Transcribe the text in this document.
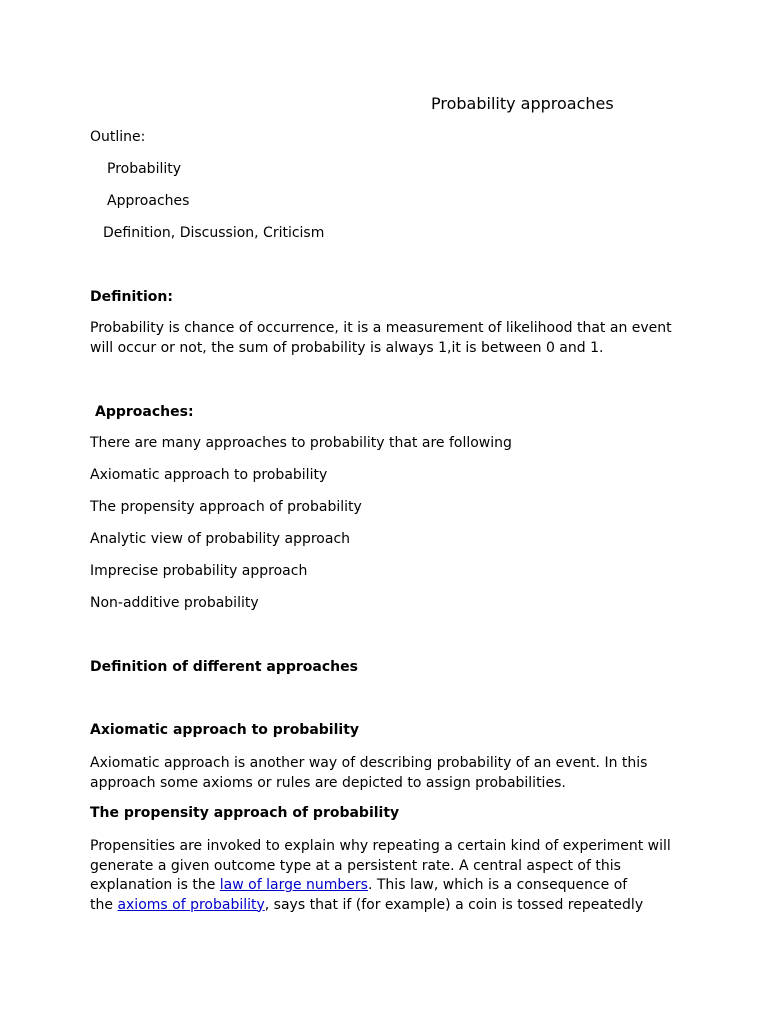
Probability approaches
Outline:
Probability
Approaches
Definition, Discussion, Criticism
Definition:
Probability is chance of occurrence, it is a measurement of likelihood that an event
will occur or not, the sum of probability is always 1,it is between 0 and 1.
Approaches:
There are many approaches to probability that are following
Axiomatic approach to probability
The propensity approach of probability
Analytic view of probability approach
Imprecise probability approach
Non-additive probability
Definition of different approaches
Axiomatic approach to probability
Axiomatic approach is another way of describing probability of an event. In this
approach some axioms or rules are depicted to assign probabilities.
The propensity approach of probability
Propensities are invoked to explain why repeating a certain kind of experiment will
generate a given outcome type at a persistent rate. A central aspect of this
explanation is the law of large numbers. This law, which is a consequence of
the axioms of probability, says that if (for example) a coin is tossed repeatedly
